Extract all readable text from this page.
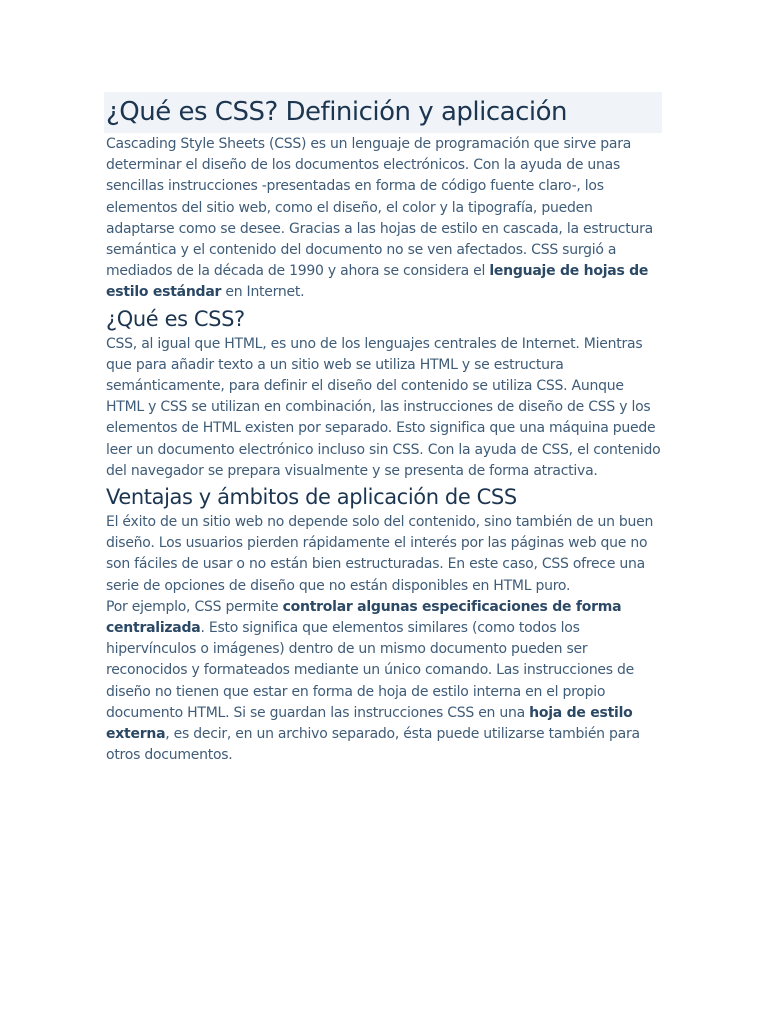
¿Qué es CSS? Definición y aplicación

Cascading Style Sheets (CSS) es un lenguaje de programación que sirve para determinar el diseño de los documentos electrónicos. Con la ayuda de unas sencillas instrucciones -presentadas en forma de código fuente claro-, los elementos del sitio web, como el diseño, el color y la tipografía, pueden adaptarse como se desee. Gracias a las hojas de estilo en cascada, la estructura semántica y el contenido del documento no se ven afectados. CSS surgió a mediados de la década de 1990 y ahora se considera el lenguaje de hojas de estilo estándar en Internet.

¿Qué es CSS?

CSS, al igual que HTML, es uno de los lenguajes centrales de Internet. Mientras que para añadir texto a un sitio web se utiliza HTML y se estructura semánticamente, para definir el diseño del contenido se utiliza CSS. Aunque HTML y CSS se utilizan en combinación, las instrucciones de diseño de CSS y los elementos de HTML existen por separado. Esto significa que una máquina puede leer un documento electrónico incluso sin CSS. Con la ayuda de CSS, el contenido del navegador se prepara visualmente y se presenta de forma atractiva.

Ventajas y ámbitos de aplicación de CSS

El éxito de un sitio web no depende solo del contenido, sino también de un buen diseño. Los usuarios pierden rápidamente el interés por las páginas web que no son fáciles de usar o no están bien estructuradas. En este caso, CSS ofrece una serie de opciones de diseño que no están disponibles en HTML puro.

Por ejemplo, CSS permite controlar algunas especificaciones de forma centralizada. Esto significa que elementos similares (como todos los hipervínculos o imágenes) dentro de un mismo documento pueden ser reconocidos y formateados mediante un único comando. Las instrucciones de diseño no tienen que estar en forma de hoja de estilo interna en el propio documento HTML. Si se guardan las instrucciones CSS en una hoja de estilo externa, es decir, en un archivo separado, ésta puede utilizarse también para otros documentos.
